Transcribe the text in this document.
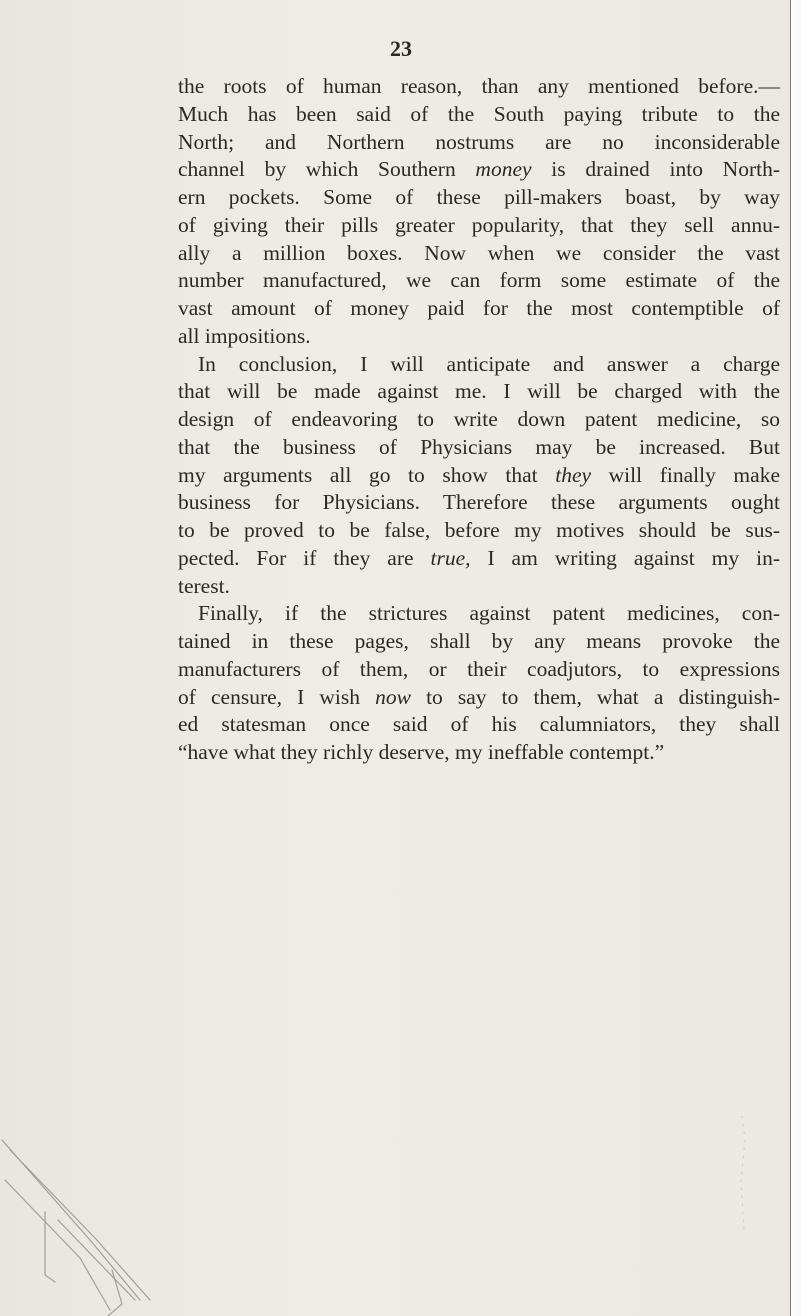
23
the roots of human reason, than any mentioned before.—
Much has been said of the South paying tribute to the
North; and Northern nostrums are no inconsiderable
channel by which Southern money is drained into North-
ern pockets. Some of these pill-makers boast, by way
of giving their pills greater popularity, that they sell annu-
ally a million boxes. Now when we consider the vast
number manufactured, we can form some estimate of the
vast amount of money paid for the most contemptible of
all impositions.
In conclusion, I will anticipate and answer a charge
that will be made against me. I will be charged with the
design of endeavoring to write down patent medicine, so
that the business of Physicians may be increased. But
my arguments all go to show that they will finally make
business for Physicians. Therefore these arguments ought
to be proved to be false, before my motives should be sus-
pected. For if they are true, I am writing against my in-
terest.
Finally, if the strictures against patent medicines, con-
tained in these pages, shall by any means provoke the
manufacturers of them, or their coadjutors, to expressions
of censure, I wish now to say to them, what a distinguish-
ed statesman once said of his calumniators, they shall
“have what they richly deserve, my ineffable contempt.”
